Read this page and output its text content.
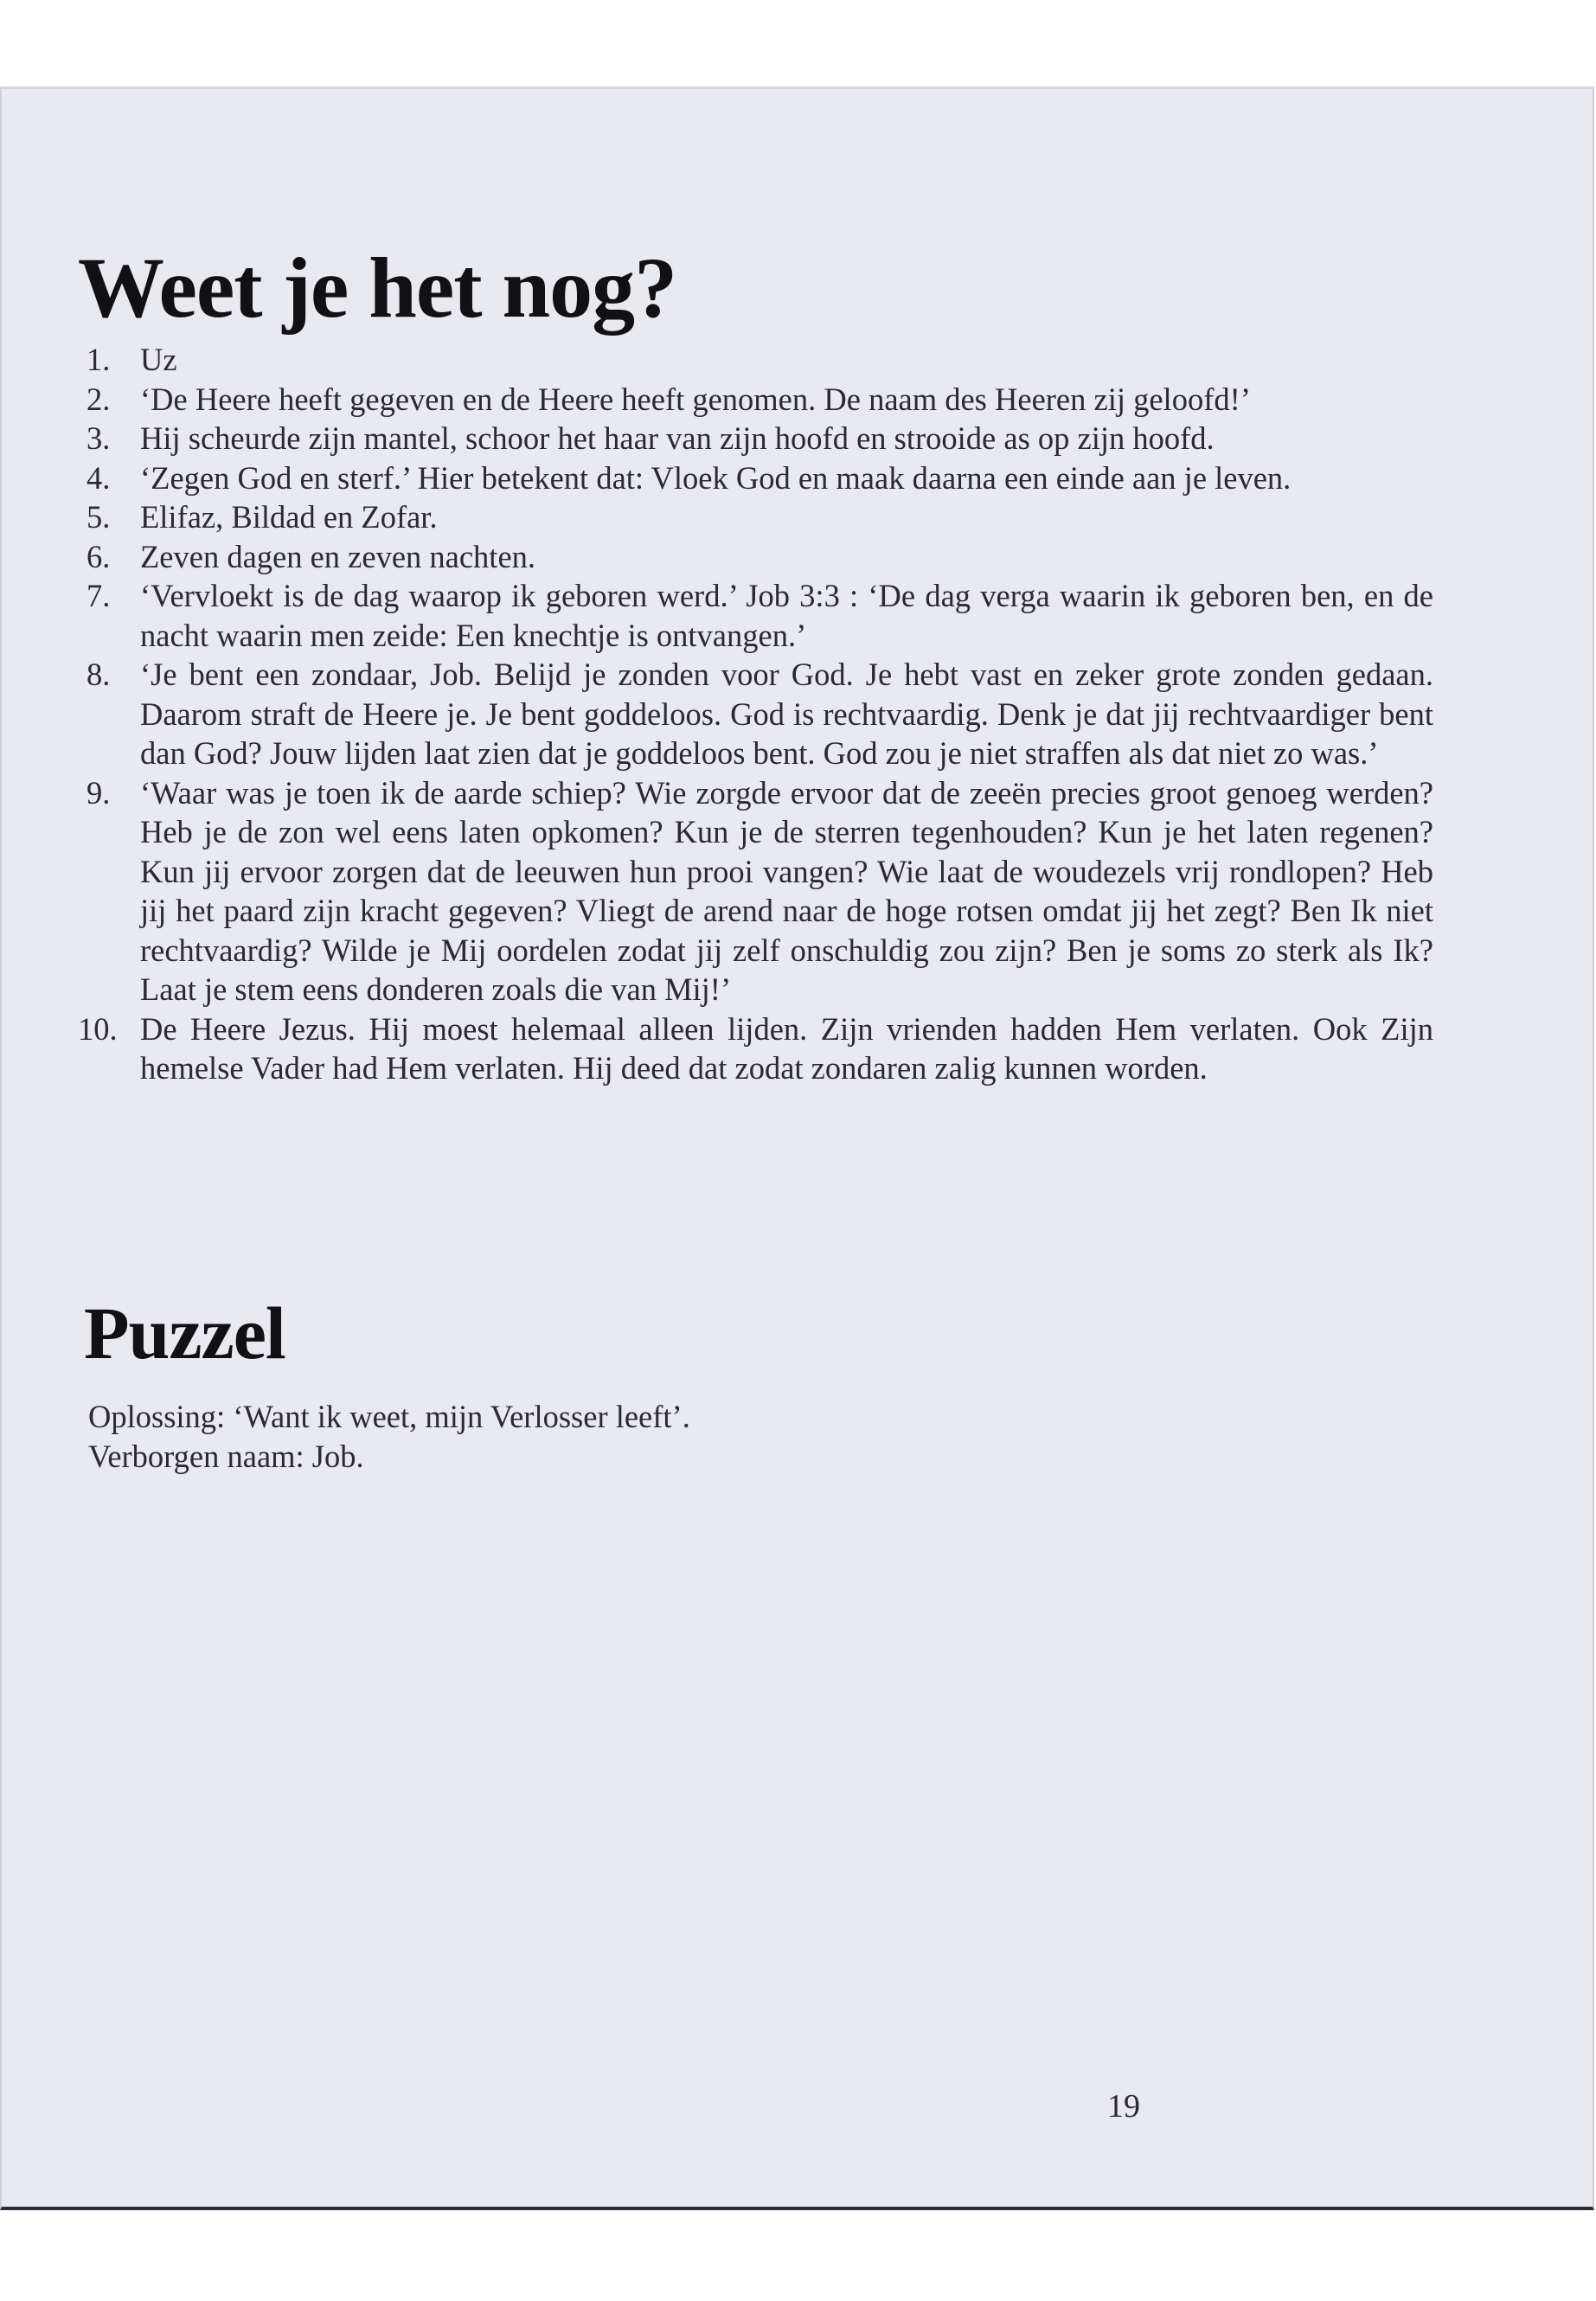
Weet je het nog?
1. Uz
2. ‘De Heere heeft gegeven en de Heere heeft genomen. De naam des Heeren zij geloofd!’
3. Hij scheurde zijn mantel, schoor het haar van zijn hoofd en strooide as op zijn hoofd.
4. ‘Zegen God en sterf.’ Hier betekent dat: Vloek God en maak daarna een einde aan je leven.
5. Elifaz, Bildad en Zofar.
6. Zeven dagen en zeven nachten.
7. ‘Vervloekt is de dag waarop ik geboren werd.’ Job 3:3 : ‘De dag verga waarin ik geboren ben, en de nacht waarin men zeide: Een knechtje is ontvangen.’
8. ‘Je bent een zondaar, Job. Belijd je zonden voor God. Je hebt vast en zeker grote zonden gedaan. Daarom straft de Heere je. Je bent goddeloos. God is rechtvaardig. Denk je dat jij rechtvaardiger bent dan God? Jouw lijden laat zien dat je goddeloos bent. God zou je niet straffen als dat niet zo was.’
9. ‘Waar was je toen ik de aarde schiep? Wie zorgde ervoor dat de zeeën precies groot genoeg werden? Heb je de zon wel eens laten opkomen? Kun je de sterren tegenhouden? Kun je het laten regenen? Kun jij ervoor zorgen dat de leeuwen hun prooi vangen? Wie laat de woudezels vrij rondlopen? Heb jij het paard zijn kracht gegeven? Vliegt de arend naar de hoge rotsen omdat jij het zegt? Ben Ik niet rechtvaardig? Wilde je Mij oordelen zodat jij zelf onschuldig zou zijn? Ben je soms zo sterk als Ik? Laat je stem eens donderen zoals die van Mij!’
10. De Heere Jezus. Hij moest helemaal alleen lijden. Zijn vrienden hadden Hem verlaten. Ook Zijn hemelse Vader had Hem verlaten. Hij deed dat zodat zondaren zalig kunnen worden.
Puzzel
Oplossing: ‘Want ik weet, mijn Verlosser leeft’.
Verborgen naam: Job.
19
